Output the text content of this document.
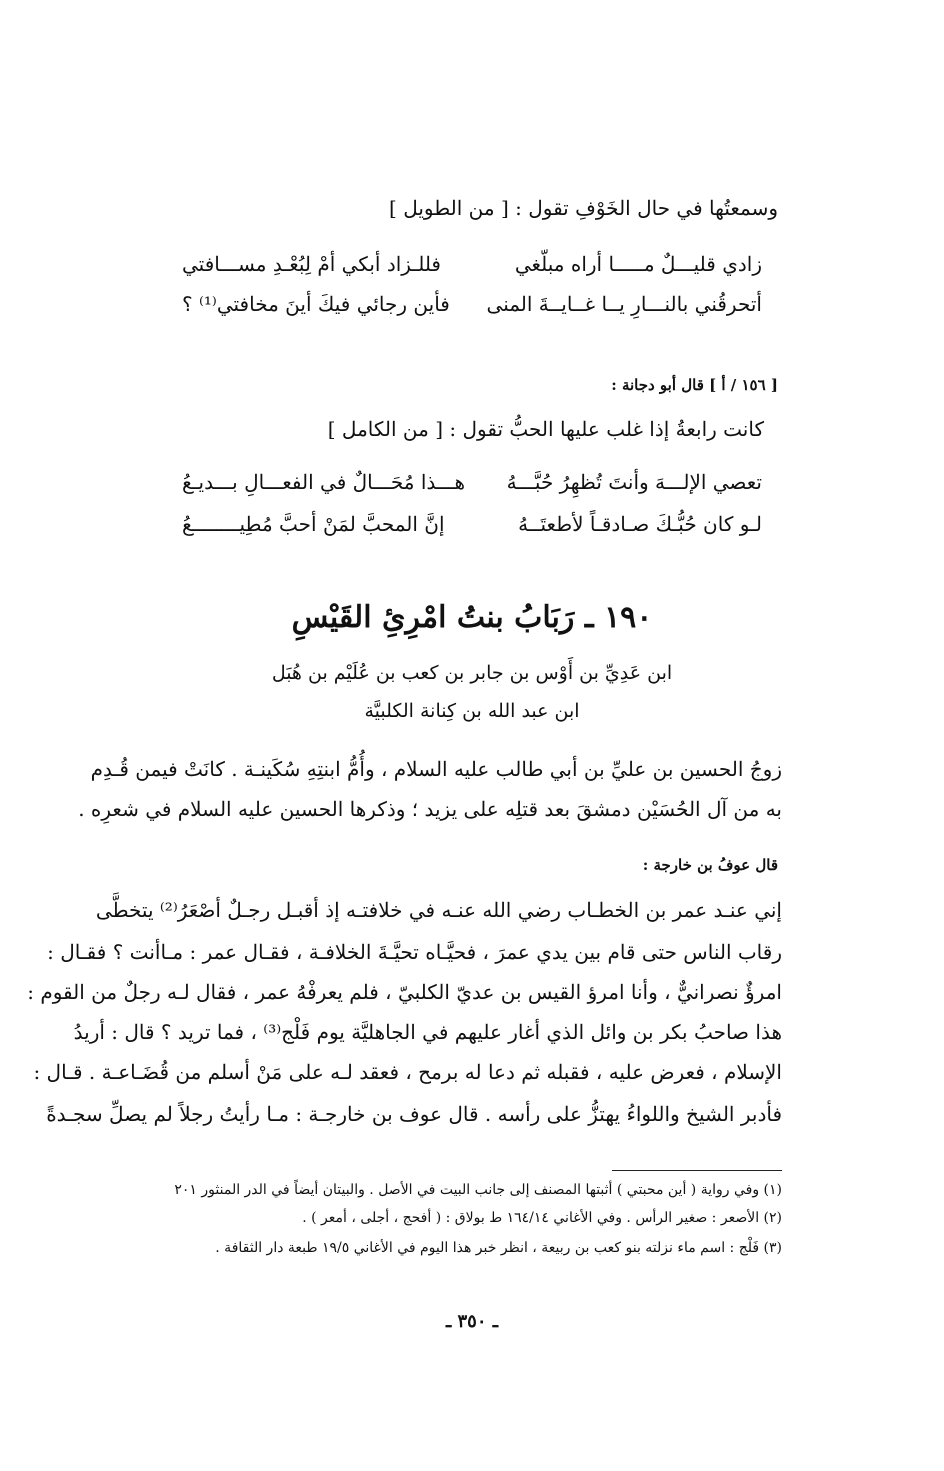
وسمعتُها في حال الخَوْفِ تقول : [ من الطويل ]
زادي قليـــلٌ مـــــا أراه مبلّغي
فللـزاد أبكي أمْ لِبُعْـدِ مســـافتي
أتحرقُني بالنـــارِ يــا غــايــةَ المنى
فأين رجائي فيكَ أينَ مخافتي⁽¹⁾ ؟
[ ١٥٦ / أ ] قال أبو دجانة :
كانت رابعةُ إذا غلب عليها الحبُّ تقول : [ من الكامل ]
تعصي الإلـــهَ وأنتَ تُظهِرُ حُبَّـــهُ
هـــذا مُحَـــالٌ في الفعـــالِ بـــديـعُ
لـو كان حُبُّـكَ صـادقـاً لأطعتَــهُ
إنَّ المحبَّ لمَنْ أحبَّ مُطِيــــــــعُ
١٩٠ ـ رَبَابُ بنتُ امْرِئِ القَيْسِ
ابن عَدِيِّ بن أَوْس بن جابر بن كعب بن عُلَيْم بن هُبَل
ابن عبد الله بن كِنانة الكلبيَّة
زوجُ الحسين بن عليِّ بن أبي طالب عليه السلام ، وأُمُّ ابنتِهِ سُكَينـة . كانَتْ فيمن قُـدِم
به من آل الحُسَيْن دمشقَ بعد قتلِه على يزيد ؛ وذكرها الحسين عليه السلام في شعرِه .
قال عوفُ بن خارجة :
إني عنـد عمر بن الخطـاب رضي الله عنـه في خلافتـه إذ أقبـل رجـلٌ أصْعَرُ⁽²⁾ يتخطَّى
رقاب الناس حتى قام بين يدي عمرَ ، فحيَّـاه تحيَّـةَ الخلافـة ، فقـال عمر : مـاأنت ؟ فقـال :
امرؤٌ نصرانيٌّ ، وأنا امرؤ القيس بن عديّ الكلبيّ ، فلم يعرفْهُ عمر ، فقال لـه رجلٌ من القوم :
هذا صاحبُ بكر بن وائل الذي أغار عليهم في الجاهليَّة يوم فَلْج⁽³⁾ ، فما تريد ؟ قال : أريدُ
الإسلام ، فعرض عليه ، فقبله ثم دعا له برمح ، فعقد لـه على مَنْ أسلم من قُضَـاعـة . قـال :
فأدبر الشيخ واللواءُ يهتزُّ على رأسه . قال عوف بن خارجـة : مـا رأيتُ رجلاً لم يصلِّ سجـدةً
(١) وفي رواية ( أين محبتي ) أثبتها المصنف إلى جانب البيت في الأصل . والبيتان أيضاً في الدر المنثور ٢٠١
(٢) الأصعر : صغير الرأس . وفي الأغاني ١٦٤/١٤ ط بولاق : ( أفحج ، أجلى ، أمعر ) .
(٣) فَلْج : اسم ماء نزلته بنو كعب بن ربيعة ، انظر خبر هذا اليوم في الأغاني ١٩/٥ طبعة دار الثقافة .
ـ ٣٥٠ ـ
